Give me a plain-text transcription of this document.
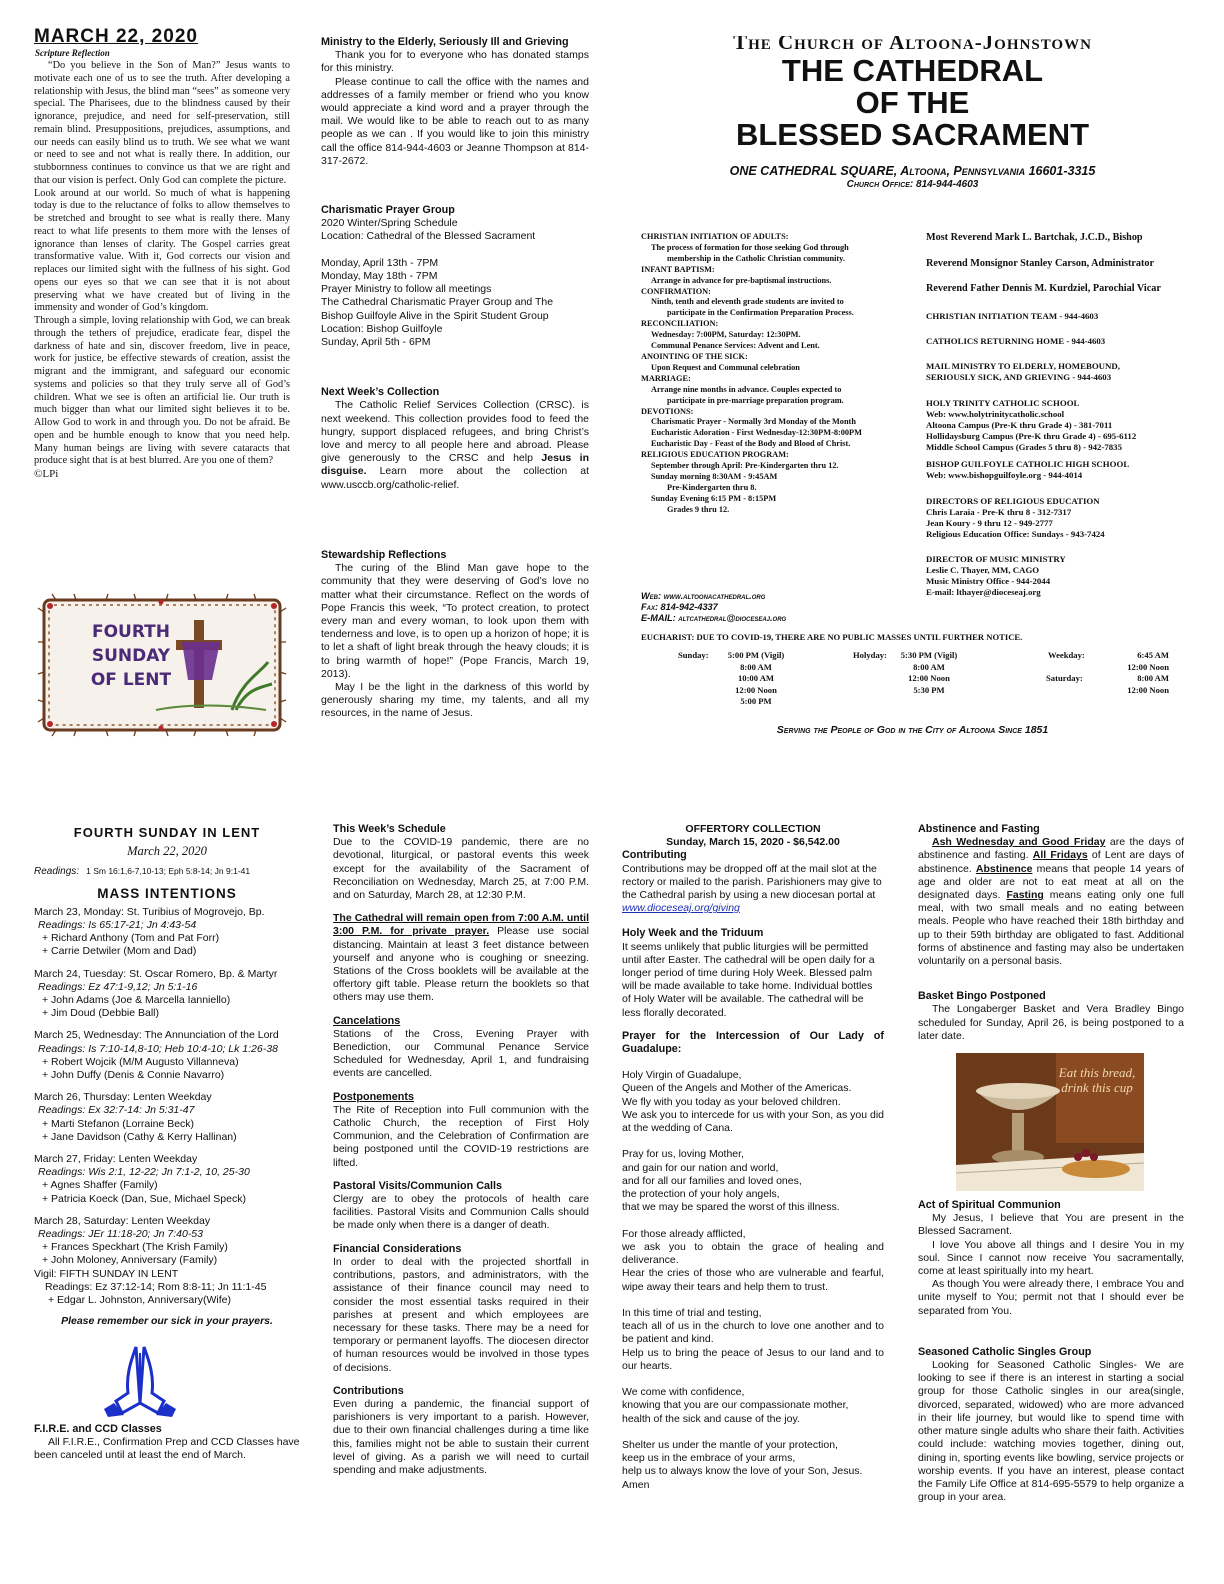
MARCH 22, 2020
Scripture Reflection

“Do you believe in the Son of Man?” Jesus wants to motivate each one of us to see the truth. After developing a relationship with Jesus, the blind man “sees” as someone very special. The Pharisees, due to the blindness caused by their ignorance, prejudice, and need for self-preservation, still remain blind. Presuppositions, prejudices, assumptions, and our needs can easily blind us to truth. We see what we want or need to see and not what is really there. In addition, our stubbornness continues to convince us that we are right and that our vision is perfect. Only God can complete the picture.

Look around at our world. So much of what is happening today is due to the reluctance of folks to allow themselves to be stretched and brought to see what is really there. Many react to what life presents to them more with the lenses of ignorance than lenses of clarity. The Gospel carries great transformative value. With it, God corrects our vision and replaces our limited sight with the fullness of his sight. God opens our eyes so that we can see that it is not about preserving what we have created but of living in the immensity and wonder of God’s kingdom.

Through a simple, loving relationship with God, we can break through the tethers of prejudice, eradicate fear, dispel the darkness of hate and sin, discover freedom, live in peace, work for justice, be effective stewards of creation, assist the migrant and the immigrant, and safeguard our economic systems and policies so that they truly serve all of God’s children. What we see is often an artificial lie. Our truth is much bigger than what our limited sight believes it to be. Allow God to work in and through you. Do not be afraid. Be open and be humble enough to know that you need help. Many human beings are living with severe cataracts that produce sight that is at best blurred. Are you one of them?

©LPi

FOURTH
SUNDAY
OF LENT
Ministry to the Elderly, Seriously Ill and Grieving

Thank you for to everyone who has donated stamps for this ministry.

Please continue to call the office with the names and addresses of a family member or friend who you know would appreciate a kind word and a prayer through the mail. We would like to be able to reach out to as many people as we can . If you would like to join this ministry call the office 814-944-4603 or Jeanne Thompson at 814-317-2672.

Charismatic Prayer Group
2020 Winter/Spring Schedule
Location: Cathedral of the Blessed Sacrament

Monday, April 13th - 7PM
Monday, May 18th - 7PM
Prayer Ministry to follow all meetings
The Cathedral Charismatic Prayer Group and The
Bishop Guilfoyle Alive in the Spirit Student Group
Location: Bishop Guilfoyle
Sunday, April 5th - 6PM
Next Week’s Collection

The Catholic Relief Services Collection (CRSC). is next weekend. This collection provides food to feed the hungry, support displaced refugees, and bring Christ’s love and mercy to all people here and abroad. Please give generously to the CRSC and help Jesus in disguise. Learn more about the collection at www.usccb.org/catholic-relief.

Stewardship Reflections

The curing of the Blind Man gave hope to the community that they were deserving of God’s love no matter what their circumstance. Reflect on the words of Pope Francis this week, “To protect creation, to protect every man and every woman, to look upon them with tenderness and love, is to open up a horizon of hope; it is to let a shaft of light break through the heavy clouds; it is to bring warmth of hope!” (Pope Francis, March 19, 2013).

May I be the light in the darkness of this world by generously sharing my time, my talents, and all my resources, in the name of Jesus.

The Church of Altoona-Johnstown
THE CATHEDRAL
OF THE
BLESSED SACRAMENT
ONE CATHEDRAL SQUARE, Altoona, Pennsylvania 16601-3315
Church Office: 814-944-4603
CHRISTIAN INITIATION OF ADULTS:
The process of formation for those seeking God through
membership in the Catholic Christian community.
INFANT BAPTISM:
Arrange in advance for pre-baptismal instructions.
CONFIRMATION:
Ninth, tenth and eleventh grade students are invited to
participate in the Confirmation Preparation Process.
RECONCILIATION:
Wednesday: 7:00PM, Saturday: 12:30PM.
Communal Penance Services: Advent and Lent.
ANOINTING OF THE SICK:
Upon Request and Communal celebration
MARRIAGE:
Arrange nine months in advance. Couples expected to
participate in pre-marriage preparation program.
DEVOTIONS:
Charismatic Prayer - Normally 3rd Monday of the Month
Eucharistic Adoration - First Wednesday-12:30PM-8:00PM
Eucharistic Day - Feast of the Body and Blood of Christ.
RELIGIOUS EDUCATION PROGRAM:
September through April: Pre-Kindergarten thru 12.
Sunday morning 8:30AM - 9:45AM
Pre-Kindergarten thru 8.
Sunday Evening 6:15 PM - 8:15PM
Grades 9 thru 12.
Web: www.altoonacathedral.org
Fax: 814-942-4337
E-MAIL: altcathedral@dioceseaj.org
Most Reverend Mark L. Bartchak, J.C.D., Bishop
Reverend Monsignor Stanley Carson, Administrator
Reverend Father Dennis M. Kurdziel, Parochial Vicar
CHRISTIAN INITIATION TEAM - 944-4603
CATHOLICS RETURNING HOME - 944-4603
MAIL MINISTRY TO ELDERLY, HOMEBOUND,
SERIOUSLY SICK, AND GRIEVING - 944-4603
HOLY TRINITY CATHOLIC SCHOOL
Web: www.holytrinitycatholic.school
Altoona Campus (Pre-K thru Grade 4) - 381-7011
Hollidaysburg Campus (Pre-K thru Grade 4) - 695-6112
Middle School Campus (Grades 5 thru 8) - 942-7835
BISHOP GUILFOYLE CATHOLIC HIGH SCHOOL
Web: www.bishopguilfoyle.org - 944-4014
DIRECTORS OF RELIGIOUS EDUCATION
Chris Laraia - Pre-K thru 8 - 312-7317
Jean Koury - 9 thru 12 - 949-2777
Religious Education Office: Sundays - 943-7424
DIRECTOR OF MUSIC MINISTRY
Leslie C. Thayer, MM, CAGO
Music Ministry Office - 944-2044
E-mail: lthayer@dioceseaj.org
EUCHARIST: DUE TO COVID-19, THERE ARE NO PUBLIC MASSES UNTIL FURTHER NOTICE.
Sunday:	5:00 PM (Vigil)
8:00 AM
10:00 AM
12:00 Noon
5:00 PM
Holyday:	5:30 PM (Vigil)
8:00 AM
12:00 Noon
5:30 PM
Weekday:	6:45 AM
12:00 Noon
Saturday:	8:00 AM
12:00 Noon
Serving the People of God in the City of Altoona Since 1851
FOURTH SUNDAY IN LENT
March 22, 2020
Readings: 1 Sm 16:1,6-7,10-13; Eph 5:8-14; Jn 9:1-41
MASS INTENTIONS

March 23, Monday: St. Turibius of Mogrovejo, Bp.

Readings: Is 65:17-21; Jn 4:43-54

+ Richard Anthony (Tom and Pat Forr)

+ Carrie Detwiler (Mom and Dad)

March 24, Tuesday: St. Oscar Romero, Bp. & Martyr

Readings: Ez 47:1-9,12; Jn 5:1-16

+ John Adams (Joe & Marcella Ianniello)

+ Jim Doud (Debbie Ball)

March 25, Wednesday: The Annunciation of the Lord

Readings: Is 7:10-14,8-10; Heb 10:4-10; Lk 1:26-38

+ Robert Wojcik (M/M Augusto Villanneva)

+ John Duffy (Denis & Connie Navarro)

March 26, Thursday: Lenten Weekday

Readings: Ex 32:7-14: Jn 5:31-47

+ Marti Stefanon (Lorraine Beck)

+ Jane Davidson (Cathy & Kerry Hallinan)

March 27, Friday: Lenten Weekday

Readings: Wis 2:1, 12-22; Jn 7:1-2, 10, 25-30

+ Agnes Shaffer (Family)

+ Patricia Koeck (Dan, Sue, Michael Speck)

March 28, Saturday: Lenten Weekday

Readings: JEr 11:18-20; Jn 7:40-53

+ Frances Speckhart (The Krish Family)

+ John Moloney, Anniversary (Family)

Vigil: FIFTH SUNDAY IN LENT

Readings: Ez 37:12-14; Rom 8:8-11; Jn 11:1-45

+ Edgar L. Johnston, Anniversary(Wife)

Please remember our sick in your prayers.
F.I.R.E. and CCD Classes

All F.I.R.E., Confirmation Prep and CCD Classes have been canceled until at least the end of March.

This Week’s Schedule

Due to the COVID-19 pandemic, there are no devotional, liturgical, or pastoral events this week except for the availability of the Sacrament of Reconciliation on Wednesday, March 25, at 7:00 P.M. and on Saturday, March 28, at 12:30 P.M.

The Cathedral will remain open from 7:00 A.M. until 3:00 P.M. for private prayer. Please use social distancing. Maintain at least 3 feet distance between yourself and anyone who is coughing or sneezing. Stations of the Cross booklets will be available at the offertory gift table. Please return the booklets so that others may use them.

Cancelations

Stations of the Cross, Evening Prayer with Benediction, our Communal Penance Service Scheduled for Wednesday, April 1, and fundraising events are cancelled.

Postponements

The Rite of Reception into Full communion with the Catholic Church, the reception of First Holy Communion, and the Celebration of Confirmation are being postponed until the COVID-19 restrictions are lifted.

Pastoral Visits/Communion Calls

Clergy are to obey the protocols of health care facilities. Pastoral Visits and Communion Calls should be made only when there is a danger of death.

Financial Considerations

In order to deal with the projected shortfall in contributions, pastors, and administrators, with the assistance of their finance council may need to consider the most essential tasks required in their parishes at present and which employees are necessary for these tasks. There may be a need for temporary or permanent layoffs. The diocesen director of human resources would be involved in those types of decisions.

Contributions

Even during a pandemic, the financial support of parishioners is very important to a parish. However, due to their own financial challenges during a time like this, families might not be able to sustain their current level of giving. As a parish we will need to curtail spending and make adjustments.

OFFERTORY COLLECTION
Sunday, March 15, 2020 - $6,542.00
Contributing

Contributions may be dropped off at the mail slot at the rectory or mailed to the parish. Parishioners may give to the Cathedral parish by using a new diocesan portal at www.dioceseaj.org/giving

Holy Week and the Triduum

It seems unlikely that public liturgies will be permitted until after Easter. The cathedral will be open daily for a longer period of time during Holy Week. Blessed palm will be made available to take home. Individual bottles of Holy Water will be available. The cathedral will be less florally decorated.

Prayer for the Intercession of Our Lady of Guadalupe:

Holy Virgin of Guadalupe,
Queen of the Angels and Mother of the Americas.
We fly with you today as your beloved children.
We ask you to intercede for us with your Son, as you did at the wedding of Cana.

Pray for us, loving Mother,
and gain for our nation and world,
and for all our families and loved ones,
the protection of your holy angels,
that we may be spared the worst of this illness.

For those already afflicted,
we ask you to obtain the grace of healing and deliverance.
Hear the cries of those who are vulnerable and fearful, wipe away their tears and help them to trust.

In this time of trial and testing,
teach all of us in the church to love one another and to be patient and kind.
Help us to bring the peace of Jesus to our land and to our hearts.

We come with confidence,
knowing that you are our compassionate mother,
health of the sick and cause of the joy.

Shelter us under the mantle of your protection,
keep us in the embrace of your arms,
help us to always know the love of your Son, Jesus.
Amen

Abstinence and Fasting

Ash Wednesday and Good Friday are the days of abstinence and fasting. All Fridays of Lent are days of abstinence. Abstinence means that people 14 years of age and older are not to eat meat at all on the designated days. Fasting means eating only one full meal, with two small meals and no eating between meals. People who have reached their 18th birthday and up to their 59th birthday are obligated to fast. Additional forms of abstinence and fasting may also be undertaken voluntarily on a personal basis.

Basket Bingo Postponed

The Longaberger Basket and Vera Bradley Bingo scheduled for Sunday, April 26, is being postponed to a later date.

Eat this bread, drink this cup
Act of Spiritual Communion

My Jesus, I believe that You are present in the Blessed Sacrament.

I love You above all things and I desire You in my soul. Since I cannot now receive You sacramentally, come at least spiritually into my heart.

As though You were already there, I embrace You and unite myself to You; permit not that I should ever be separated from You.

Seasoned Catholic Singles Group

Looking for Seasoned Catholic Singles- We are looking to see if there is an interest in starting a social group for those Catholic singles in our area(single, divorced, separated, widowed) who are more advanced in their life journey, but would like to spend time with other mature single adults who share their faith. Activities could include: watching movies together, dining out, dining in, sporting events like bowling, service projects or worship events. If you have an interest, please contact the Family Life Office at 814-695-5579 to help organize a group in your area.
